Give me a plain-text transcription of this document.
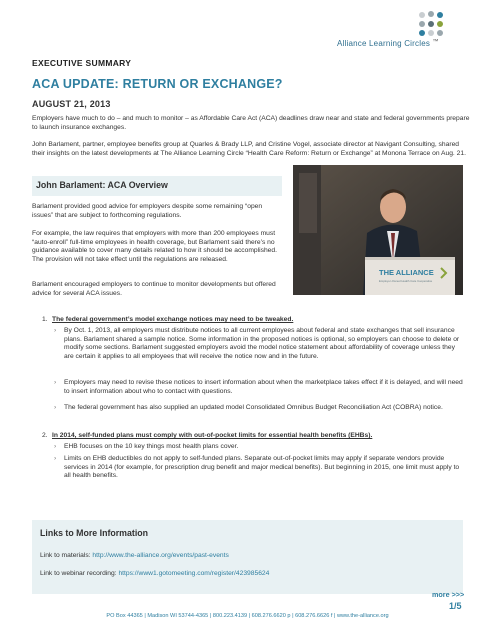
Alliance Learning Circles ™
EXECUTIVE SUMMARY
ACA UPDATE: RETURN OR EXCHANGE?
AUGUST 21, 2013
Employers have much to do – and much to monitor – as Affordable Care Act (ACA) deadlines draw near and state and federal governments prepare to launch insurance exchanges.
John Barlament, partner, employee benefits group at Quarles & Brady LLP, and Cristine Vogel, associate director at Navigant Consulting, shared their insights on the latest developments at The Alliance Learning Circle “Health Care Reform: Return or Exchange” at Monona Terrace on Aug. 21.
John Barlament: ACA Overview
Barlament provided good advice for employers despite some remaining “open issues” that are subject to forthcoming regulations.
For example, the law requires that employers with more than 200 employees must “auto-enroll” full-time employees in health coverage, but Barlament said there’s no guidance available to cover many details related to how it should be accomplished. The provision will not take effect until the regulations are released.
Barlament encouraged employers to continue to monitor developments but offered advice for several ACA issues.
THE ALLIANCE
Employer-Owned Health Care Cooperative
1. The federal government’s model exchange notices may need to be tweaked.
› By Oct. 1, 2013, all employers must distribute notices to all current employees about federal and state exchanges that sell insurance plans. Barlament shared a sample notice. Some information in the proposed notices is optional, so employers can choose to delete or modify some sections. Barlament suggested employers avoid the model notice statement about affordability of coverage unless they are certain it applies to all employees that will receive the notice now and in the future.
› Employers may need to revise these notices to insert information about when the marketplace takes effect if it is delayed, and will need to insert information about who to contact with questions.
› The federal government has also supplied an updated model Consolidated Omnibus Budget Reconciliation Act (COBRA) notice.
2. In 2014, self-funded plans must comply with out-of-pocket limits for essential health benefits (EHBs).
› EHB focuses on the 10 key things most health plans cover.
› Limits on EHB deductibles do not apply to self-funded plans. Separate out-of-pocket limits may apply if separate vendors provide services in 2014 (for example, for prescription drug benefit and major medical benefits). But beginning in 2015, one limit must apply to all health benefits.
Links to More Information
Link to materials: http://www.the-alliance.org/events/past-events
Link to webinar recording: https://www1.gotomeeting.com/register/423985624
more >>>
1/5
PO Box 44365 | Madison WI 53744-4365 | 800.223.4139 | 608.276.6620 p | 608.276.6626 f | www.the-alliance.org
